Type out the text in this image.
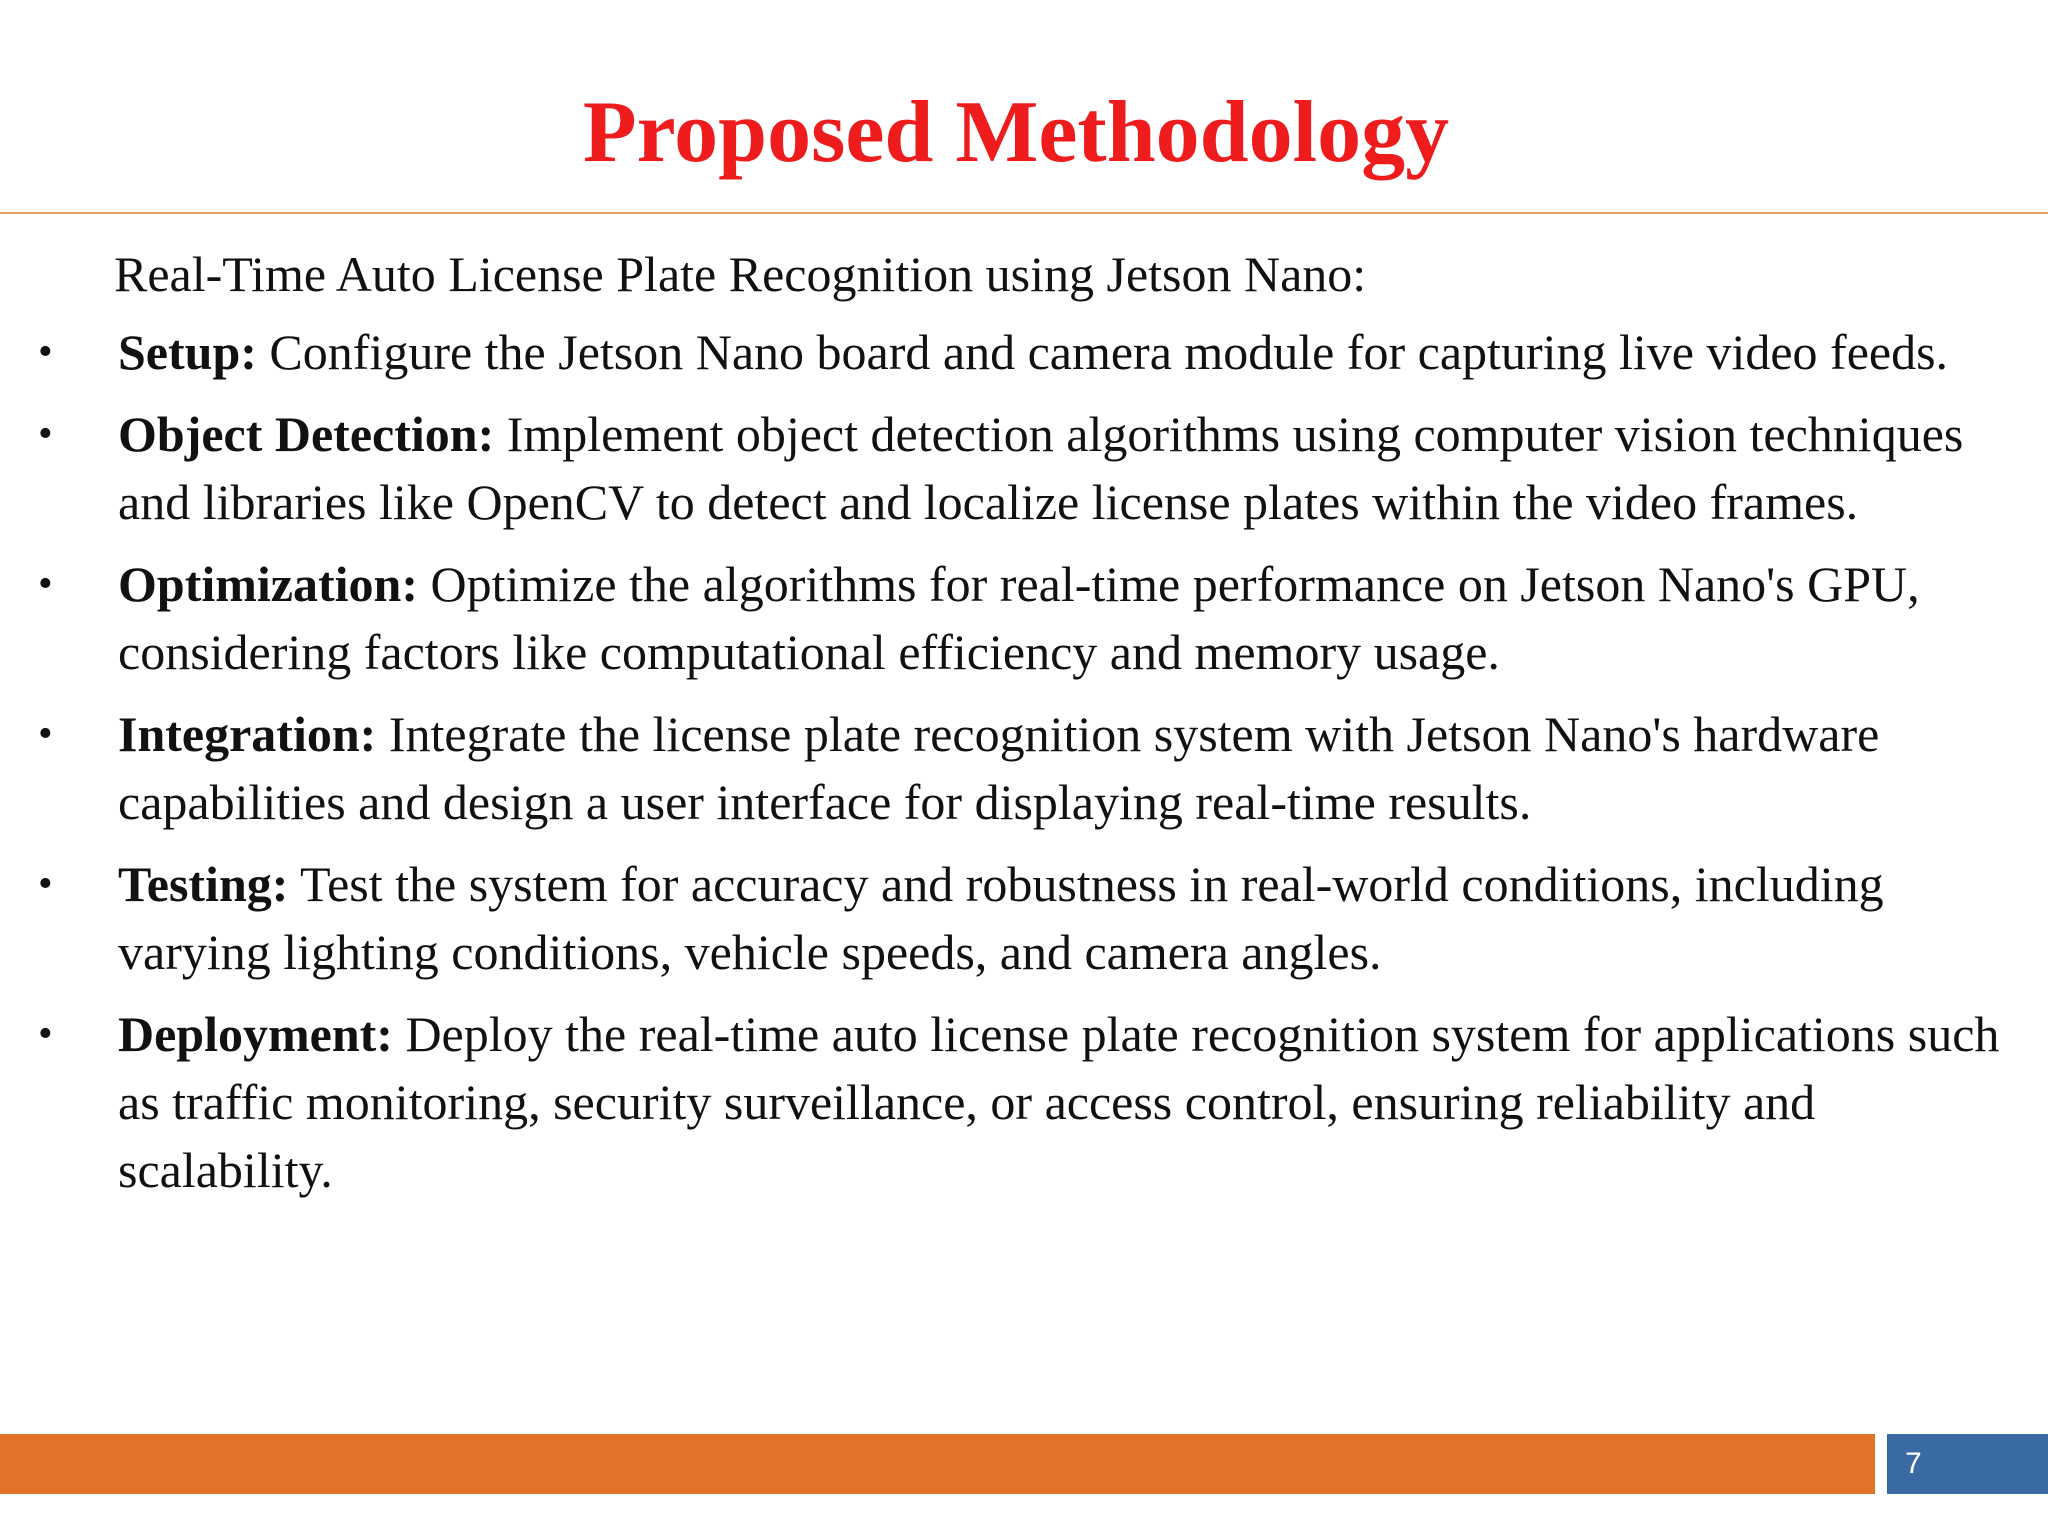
Proposed Methodology

Real-Time Auto License Plate Recognition using Jetson Nano:

• Setup: Configure the Jetson Nano board and camera module for capturing live video feeds.
• Object Detection: Implement object detection algorithms using computer vision techniques and libraries like OpenCV to detect and localize license plates within the video frames.
• Optimization: Optimize the algorithms for real-time performance on Jetson Nano's GPU, considering factors like computational efficiency and memory usage.
• Integration: Integrate the license plate recognition system with Jetson Nano's hardware capabilities and design a user interface for displaying real-time results.
• Testing: Test the system for accuracy and robustness in real-world conditions, including varying lighting conditions, vehicle speeds, and camera angles.
• Deployment: Deploy the real-time auto license plate recognition system for applications such as traffic monitoring, security surveillance, or access control, ensuring reliability and scalability.
7
